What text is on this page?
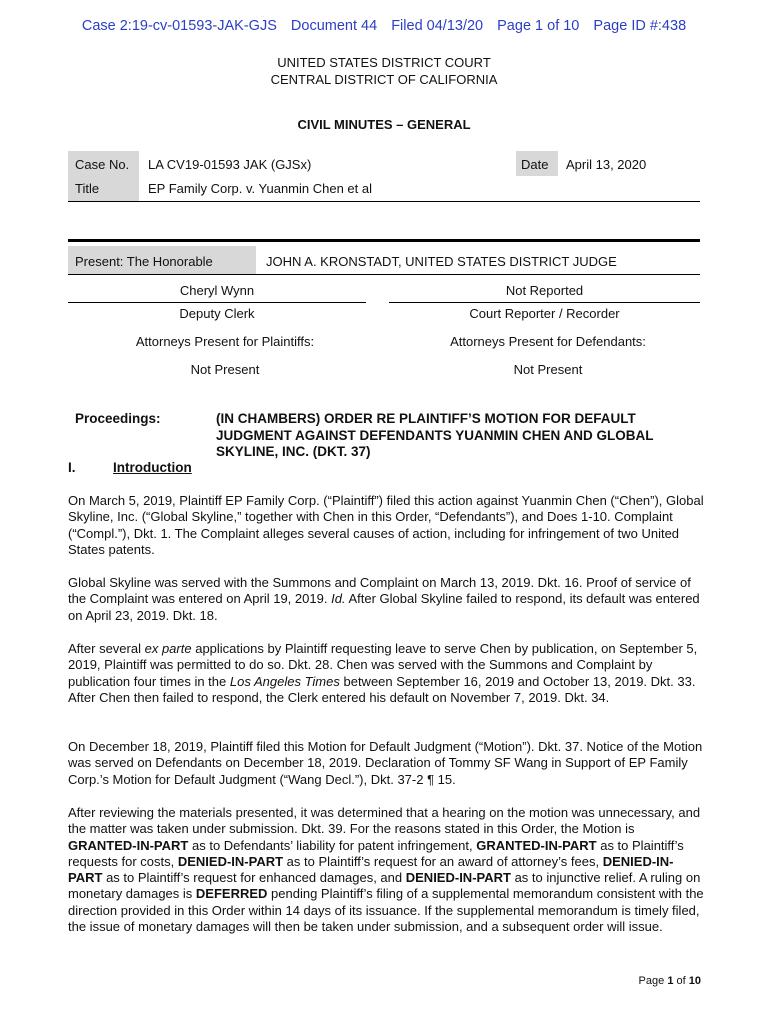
Case 2:19-cv-01593-JAK-GJS Document 44 Filed 04/13/20 Page 1 of 10 Page ID #:438
UNITED STATES DISTRICT COURT
CENTRAL DISTRICT OF CALIFORNIA
CIVIL MINUTES – GENERAL
Case No. LA CV19-01593 JAK (GJSx)	Date April 13, 2020
Title	EP Family Corp. v. Yuanmin Chen et al
Present: The Honorable	JOHN A. KRONSTADT, UNITED STATES DISTRICT JUDGE
Cheryl Wynn	Not Reported
Deputy Clerk	Court Reporter / Recorder
Attorneys Present for Plaintiffs:	Attorneys Present for Defendants:
Not Present	Not Present
Proceedings:	(IN CHAMBERS) ORDER RE PLAINTIFF’S MOTION FOR DEFAULT JUDGMENT AGAINST DEFENDANTS YUANMIN CHEN AND GLOBAL SKYLINE, INC. (DKT. 37)
I.	Introduction
On March 5, 2019, Plaintiff EP Family Corp. (“Plaintiff”) filed this action against Yuanmin Chen (“Chen”), Global Skyline, Inc. (“Global Skyline,” together with Chen in this Order, “Defendants”), and Does 1-10. Complaint (“Compl.”), Dkt. 1. The Complaint alleges several causes of action, including for infringement of two United States patents.
Global Skyline was served with the Summons and Complaint on March 13, 2019. Dkt. 16. Proof of service of the Complaint was entered on April 19, 2019. Id. After Global Skyline failed to respond, its default was entered on April 23, 2019. Dkt. 18.
After several ex parte applications by Plaintiff requesting leave to serve Chen by publication, on September 5, 2019, Plaintiff was permitted to do so. Dkt. 28. Chen was served with the Summons and Complaint by publication four times in the Los Angeles Times between September 16, 2019 and October 13, 2019. Dkt. 33. After Chen then failed to respond, the Clerk entered his default on November 7, 2019. Dkt. 34.
On December 18, 2019, Plaintiff filed this Motion for Default Judgment (“Motion”). Dkt. 37. Notice of the Motion was served on Defendants on December 18, 2019. Declaration of Tommy SF Wang in Support of EP Family Corp.’s Motion for Default Judgment (“Wang Decl.”), Dkt. 37-2 ¶ 15.
After reviewing the materials presented, it was determined that a hearing on the motion was unnecessary, and the matter was taken under submission. Dkt. 39. For the reasons stated in this Order, the Motion is GRANTED-IN-PART as to Defendants’ liability for patent infringement, GRANTED-IN-PART as to Plaintiff’s requests for costs, DENIED-IN-PART as to Plaintiff’s request for an award of attorney’s fees, DENIED-IN-PART as to Plaintiff’s request for enhanced damages, and DENIED-IN-PART as to injunctive relief. A ruling on monetary damages is DEFERRED pending Plaintiff’s filing of a supplemental memorandum consistent with the direction provided in this Order within 14 days of its issuance. If the supplemental memorandum is timely filed, the issue of monetary damages will then be taken under submission, and a subsequent order will issue.
Page 1 of 10
